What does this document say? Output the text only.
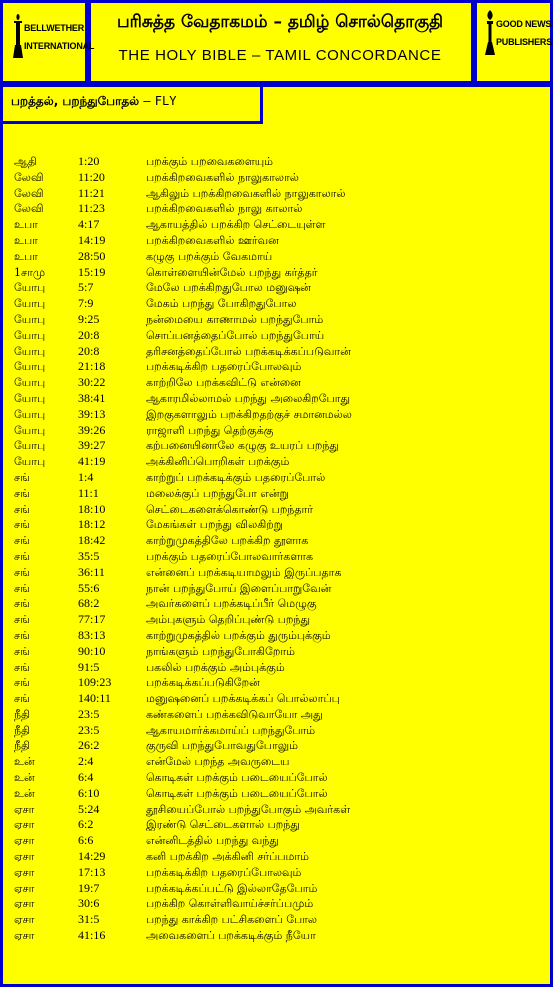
BELLWETHER
INTERNATIONAL
GOOD NEWS
PUBLISHERS
பரிசுத்த வேதாகமம் – தமிழ் சொல்தொகுதி
THE HOLY BIBLE – TAMIL CONCORDANCE
பறத்தல், பறந்துபோதல் – FLY
ஆதி	1:20	பறக்கும் பறவைகளையும்
லேவி	11:20	பறக்கிறவைகளில் நாலுகாலால்
லேவி	11:21	ஆகிலும் பறக்கிறவைகளில் நாலுகாலால்
லேவி	11:23	பறக்கிறவைகளில் நாலு காலால்
உபா	4:17	ஆகாயத்தில் பறக்கிற செட்டையுள்ள
உபா	14:19	பறக்கிறவைகளில் ஊர்வன
உபா	28:50	கழுகு பறக்கும் வேகமாய்
1சாமு	15:19	கொள்ளையின்மேல் பறந்து கர்த்தர்
யோபு	5:7	மேலே பறக்கிறதுபோல மனுஷன்
யோபு	7:9	மேகம் பறந்து போகிறதுபோல
யோபு	9:25	நன்மையை காணாமல் பறந்துபோம்
யோபு	20:8	சொப்பனத்தைப்போல் பறந்துபோய்
யோபு	20:8	தரிசனத்தைப்போல் பறக்கடிக்கப்படுவான்
யோபு	21:18	பறக்கடிக்கிற பதரைப்போலவும்
யோபு	30:22	காற்றிலே பறக்கவிட்டு என்னை
யோபு	38:41	ஆகாரமில்லாமல் பறந்து அலைகிறபோது
யோபு	39:13	இறகுகளாலும் பறக்கிறதற்குச் சமானமல்ல
யோபு	39:26	ராஜாளி பறந்து தெற்குக்கு
யோபு	39:27	கற்பனையினாலே கழுகு உயரப் பறந்து
யோபு	41:19	அக்கினிப்பொறிகள் பறக்கும்
சங்	1:4	காற்றுப் பறக்கடிக்கும் பதரைப்போல்
சங்	11:1	மலைக்குப் பறந்துபோ என்று
சங்	18:10	செட்டைகளைக்கொண்டு பறந்தார்
சங்	18:12	மேகங்கள் பறந்து விலகிற்று
சங்	18:42	காற்றுமுகத்திலே பறக்கிற தூளாக
சங்	35:5	பறக்கும் பதரைப்போலவார்களாக
சங்	36:11	என்னைப் பறக்கடியாமலும் இருப்பதாக
சங்	55:6	நான் பறந்துபோய் இளைப்பாறுவேன்
சங்	68:2	அவர்களைப் பறக்கடிப்பீர் மெழுகு
சங்	77:17	அம்புகளும் தெறிப்புண்டு பறந்து
சங்	83:13	காற்றுமுகத்தில் பறக்கும் துரும்புக்கும்
சங்	90:10	நாங்களும் பறந்துபோகிறோம்
சங்	91:5	பகலில் பறக்கும் அம்புக்கும்
சங்	109:23	பறக்கடிக்கப்படுகிறேன்
சங்	140:11	மனுஷனைப் பறக்கடிக்கப் பொல்லாப்பு
நீதி	23:5	கண்களைப் பறக்கவிடுவாயோ அது
நீதி	23:5	ஆகாயமார்க்கமாய்ப் பறந்துபோம்
நீதி	26:2	குருவி பறந்துபோவதுபோலும்
உன்	2:4	என்மேல் பறந்த அவருடைய
உன்	6:4	கொடிகள் பறக்கும் படையைப்போல்
உன்	6:10	கொடிகள் பறக்கும் படையைப்போல்
ஏசா	5:24	தூசியைப்போல் பறந்துபோகும் அவர்கள்
ஏசா	6:2	இரண்டு செட்டைகளால் பறந்து
ஏசா	6:6	என்னிடத்தில் பறந்து வந்து
ஏசா	14:29	கனி பறக்கிற அக்கினி சர்ப்பமாம்
ஏசா	17:13	பறக்கடிக்கிற பதரைப்போலவும்
ஏசா	19:7	பறக்கடிக்கப்பட்டு இல்லாதேபோம்
ஏசா	30:6	பறக்கிற கொள்ளிவாய்ச்சர்ப்பமும்
ஏசா	31:5	பறந்து காக்கிற பட்சிகளைப் போல
ஏசா	41:16	அவைகளைப் பறக்கடிக்கும் நீயோ
